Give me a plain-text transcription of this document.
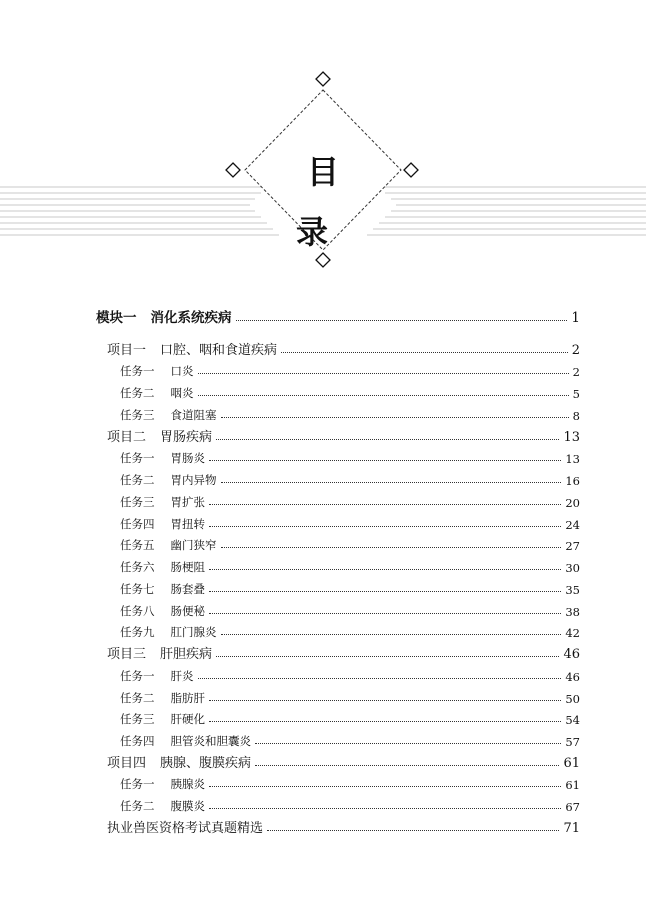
目 录
模块一 消化系统疾病	1
项目一 口腔、咽和食道疾病	2
任务一 口炎	2
任务二 咽炎	5
任务三 食道阻塞	8
项目二 胃肠疾病	13
任务一 胃肠炎	13
任务二 胃内异物	16
任务三 胃扩张	20
任务四 胃扭转	24
任务五 幽门狭窄	27
任务六 肠梗阻	30
任务七 肠套叠	35
任务八 肠便秘	38
任务九 肛门腺炎	42
项目三 肝胆疾病	46
任务一 肝炎	46
任务二 脂肪肝	50
任务三 肝硬化	54
任务四 胆管炎和胆囊炎	57
项目四 胰腺、腹膜疾病	61
任务一 胰腺炎	61
任务二 腹膜炎	67
执业兽医资格考试真题精选	71
